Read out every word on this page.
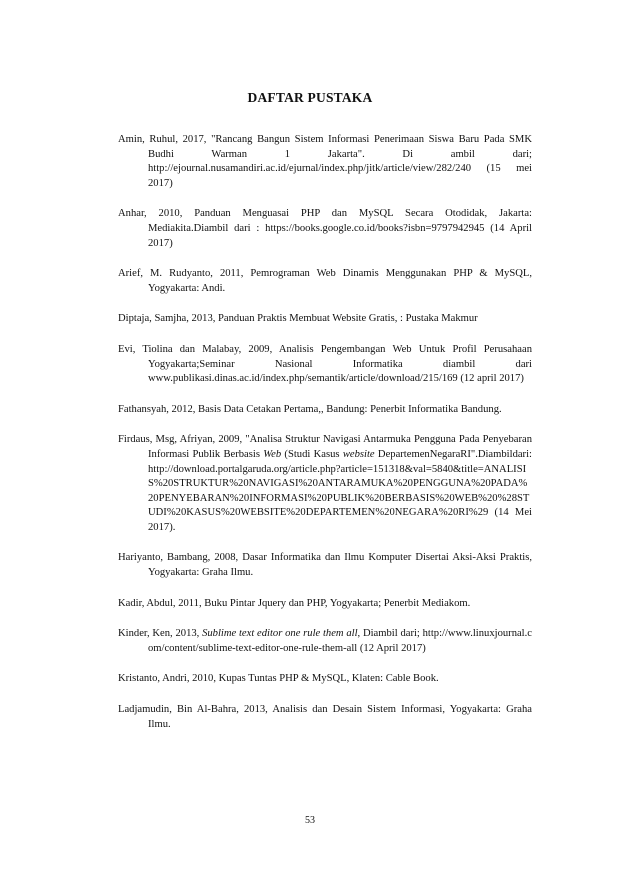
DAFTAR PUSTAKA

Amin, Ruhul, 2017, "Rancang Bangun Sistem Informasi Penerimaan Siswa Baru Pada SMK Budhi Warman 1 Jakarta". Di ambil dari; http://ejournal.nusamandiri.ac.id/ejurnal/index.php/jitk/article/view/282/240 (15 mei 2017)

Anhar, 2010, Panduan Menguasai PHP dan MySQL Secara Otodidak, Jakarta: Mediakita.Diambil dari : https://books.google.co.id/books?isbn=9797942945 (14 April 2017)

Arief, M. Rudyanto, 2011, Pemrograman Web Dinamis Menggunakan PHP & MySQL, Yogyakarta: Andi.

Diptaja, Samjha, 2013, Panduan Praktis Membuat Website Gratis, : Pustaka Makmur

Evi, Tiolina dan Malabay, 2009, Analisis Pengembangan Web Untuk Profil Perusahaan Yogyakarta;Seminar Nasional Informatika diambil dari www.publikasi.dinas.ac.id/index.php/semantik/article/download/215/169 (12 april 2017)

Fathansyah, 2012, Basis Data Cetakan Pertama,, Bandung: Penerbit Informatika Bandung.

Firdaus, Msg, Afriyan, 2009, "Analisa Struktur Navigasi Antarmuka Pengguna Pada Penyebaran Informasi Publik Berbasis Web (Studi Kasus website DepartemenNegaraRI".Diambildari: http://download.portalgaruda.org/article.php?article=151318&val=5840&title=ANALISIS%20STRUKTUR%20NAVIGASI%20ANTARAMUKA%20PENGGUNA%20PADA%20PENYEBARAN%20INFORMASI%20PUBLIK%20BERBASIS%20WEB%20%28STUDI%20KASUS%20WEBSITE%20DEPARTEMEN%20NEGARA%20RI%29 (14 Mei 2017).

Hariyanto, Bambang, 2008, Dasar Informatika dan Ilmu Komputer Disertai Aksi-Aksi Praktis, Yogyakarta: Graha Ilmu.

Kadir, Abdul, 2011, Buku Pintar Jquery dan PHP, Yogyakarta; Penerbit Mediakom.

Kinder, Ken, 2013, Sublime text editor one rule them all, Diambil dari; http://www.linuxjournal.com/content/sublime-text-editor-one-rule-them-all (12 April 2017)

Kristanto, Andri, 2010, Kupas Tuntas PHP & MySQL, Klaten: Cable Book.

Ladjamudin, Bin Al-Bahra, 2013, Analisis dan Desain Sistem Informasi, Yogyakarta: Graha Ilmu.

53
